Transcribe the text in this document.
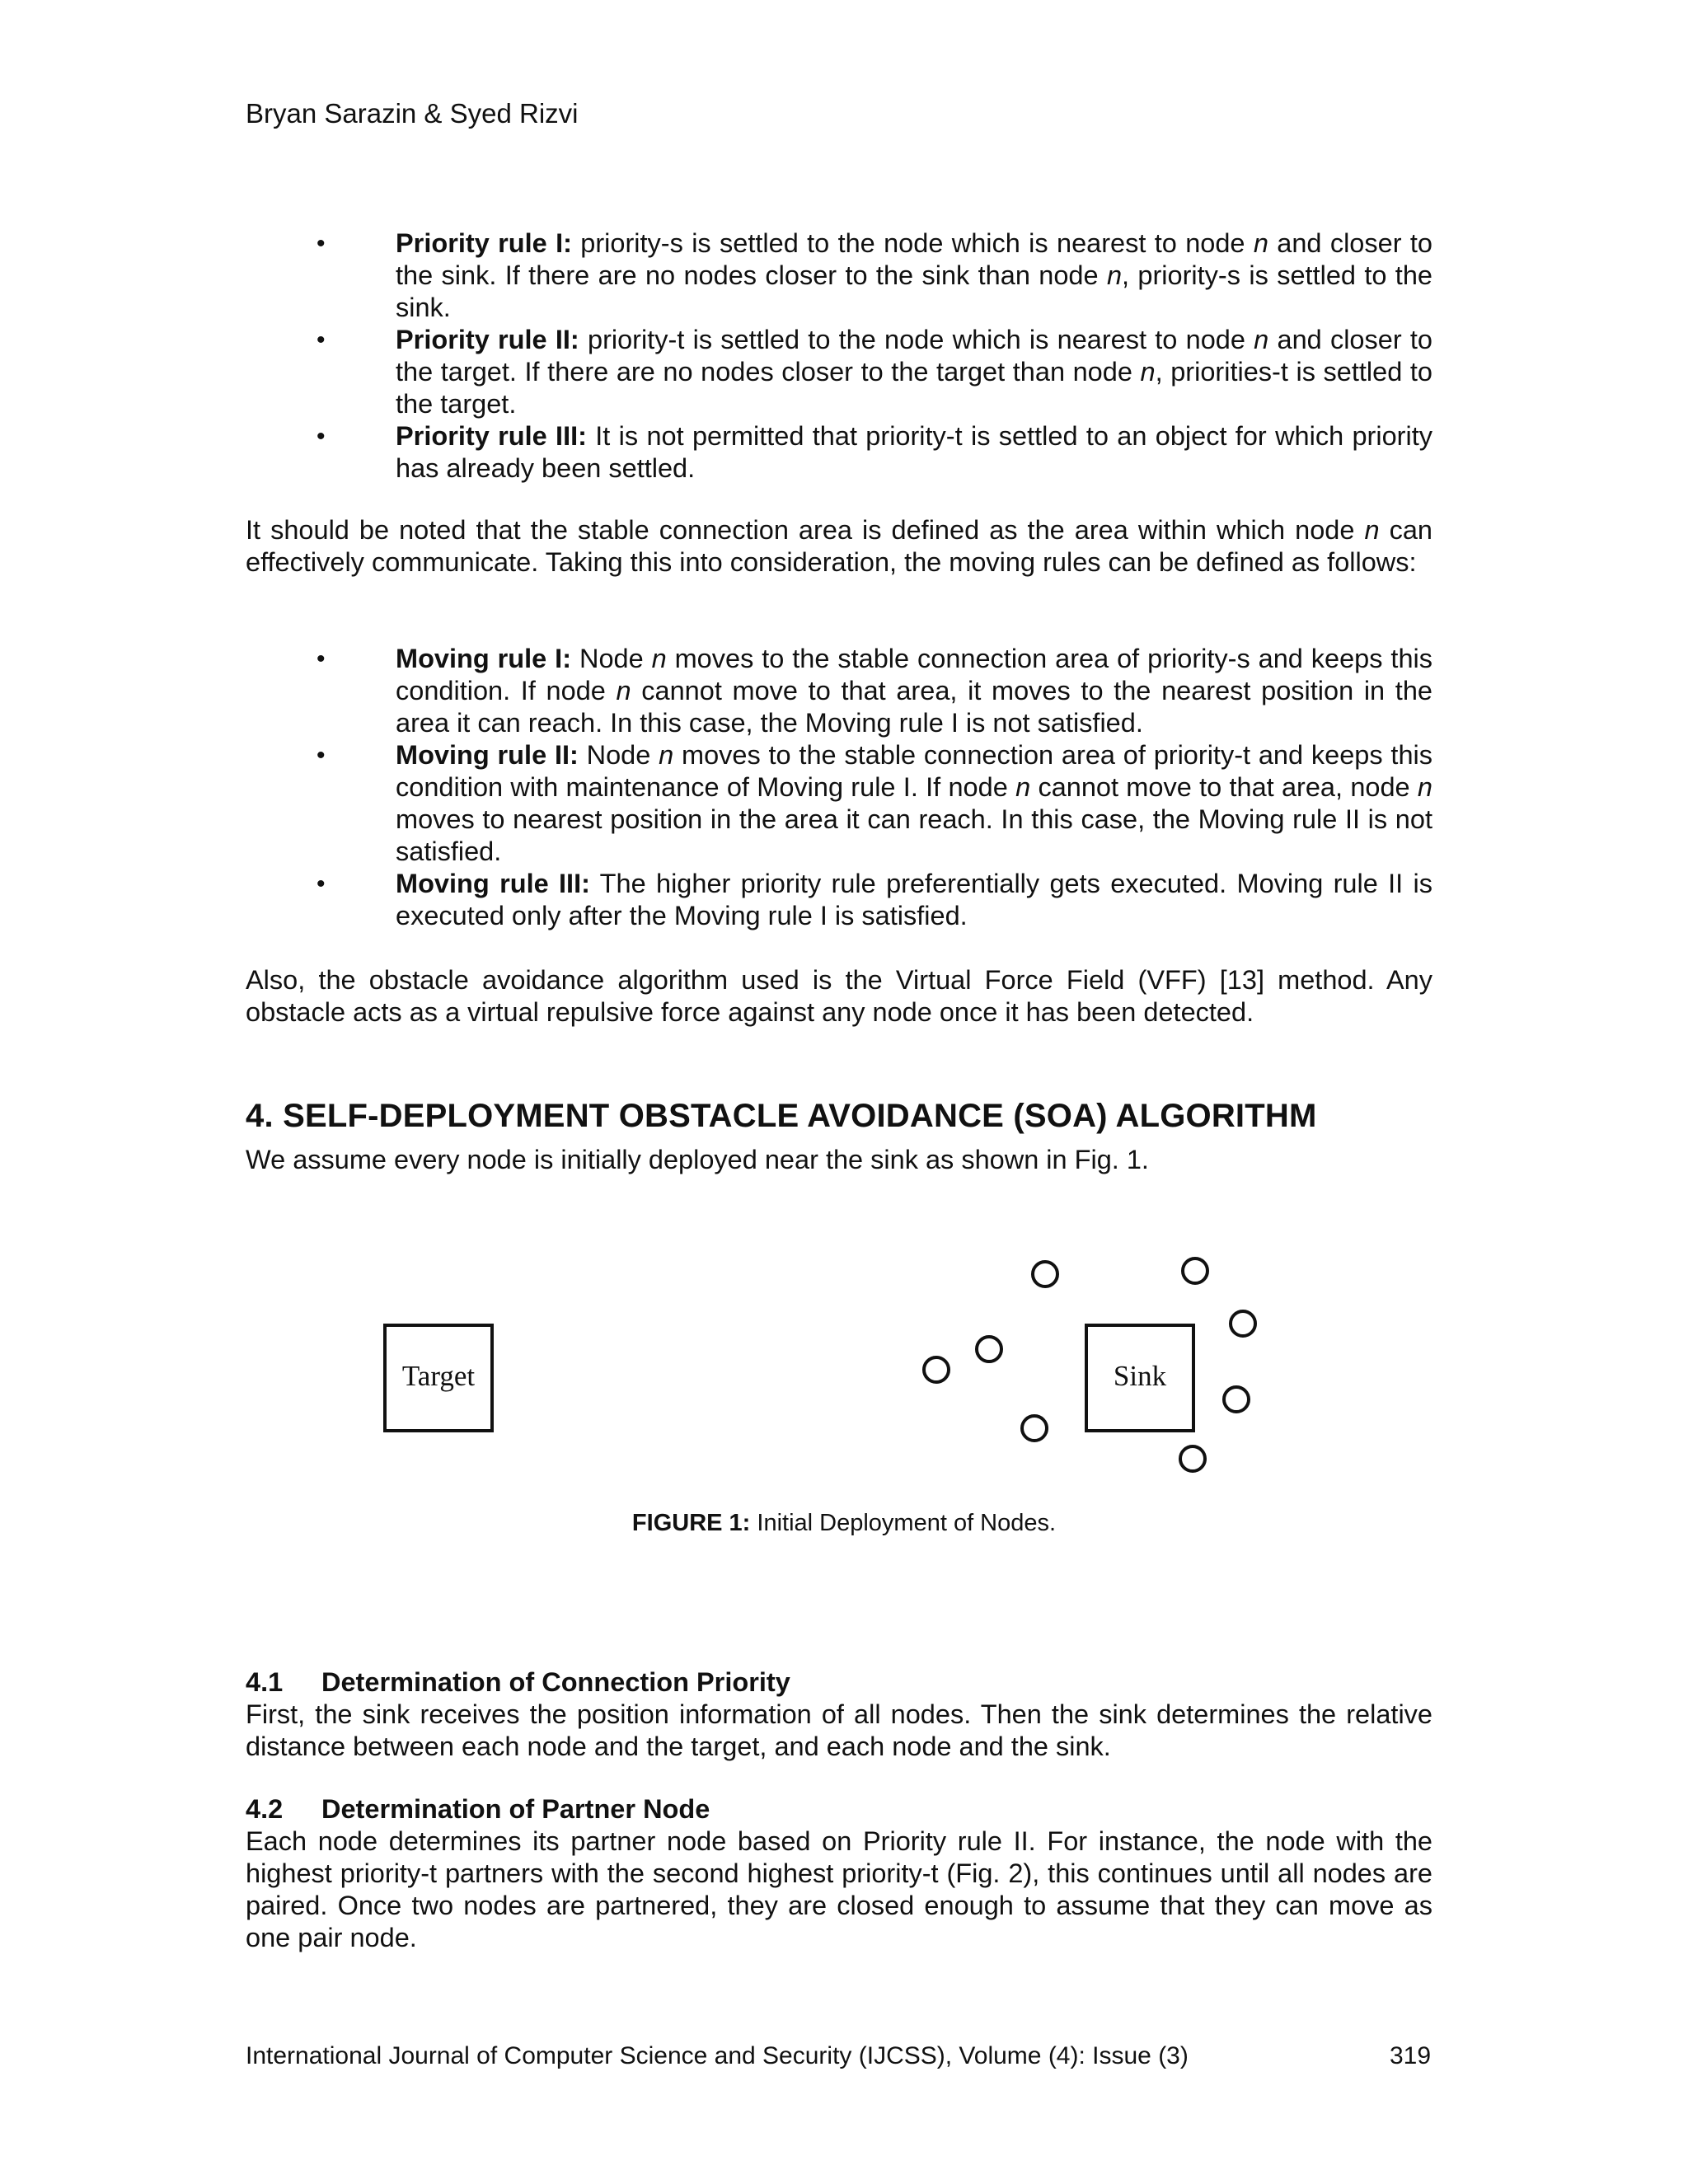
Bryan Sarazin & Syed Rizvi
•	Priority rule I: priority-s is settled to the node which is nearest to node n and closer to the sink. If there are no nodes closer to the sink than node n, priority-s is settled to the sink.
•	Priority rule II: priority-t is settled to the node which is nearest to node n and closer to the target. If there are no nodes closer to the target than node n, priorities-t is settled to the target.
•	Priority rule III: It is not permitted that priority-t is settled to an object for which priority has already been settled.
It should be noted that the stable connection area is defined as the area within which node n can effectively communicate. Taking this into consideration, the moving rules can be defined as follows:
•	Moving rule I: Node n moves to the stable connection area of priority-s and keeps this condition. If node n cannot move to that area, it moves to the nearest position in the area it can reach. In this case, the Moving rule I is not satisfied.
•	Moving rule II: Node n moves to the stable connection area of priority-t and keeps this condition with maintenance of Moving rule I. If node n cannot move to that area, node n moves to nearest position in the area it can reach. In this case, the Moving rule II is not satisfied.
•	Moving rule III: The higher priority rule preferentially gets executed. Moving rule II is executed only after the Moving rule I is satisfied.
Also, the obstacle avoidance algorithm used is the Virtual Force Field (VFF) [13] method. Any obstacle acts as a virtual repulsive force against any node once it has been detected.
4. SELF-DEPLOYMENT OBSTACLE AVOIDANCE (SOA) ALGORITHM
We assume every node is initially deployed near the sink as shown in Fig. 1.
Target	Sink
FIGURE 1: Initial Deployment of Nodes.
4.1 Determination of Connection Priority
First, the sink receives the position information of all nodes. Then the sink determines the relative distance between each node and the target, and each node and the sink.
4.2 Determination of Partner Node
Each node determines its partner node based on Priority rule II. For instance, the node with the highest priority-t partners with the second highest priority-t (Fig. 2), this continues until all nodes are paired. Once two nodes are partnered, they are closed enough to assume that they can move as one pair node.
International Journal of Computer Science and Security (IJCSS), Volume (4): Issue (3)	319
